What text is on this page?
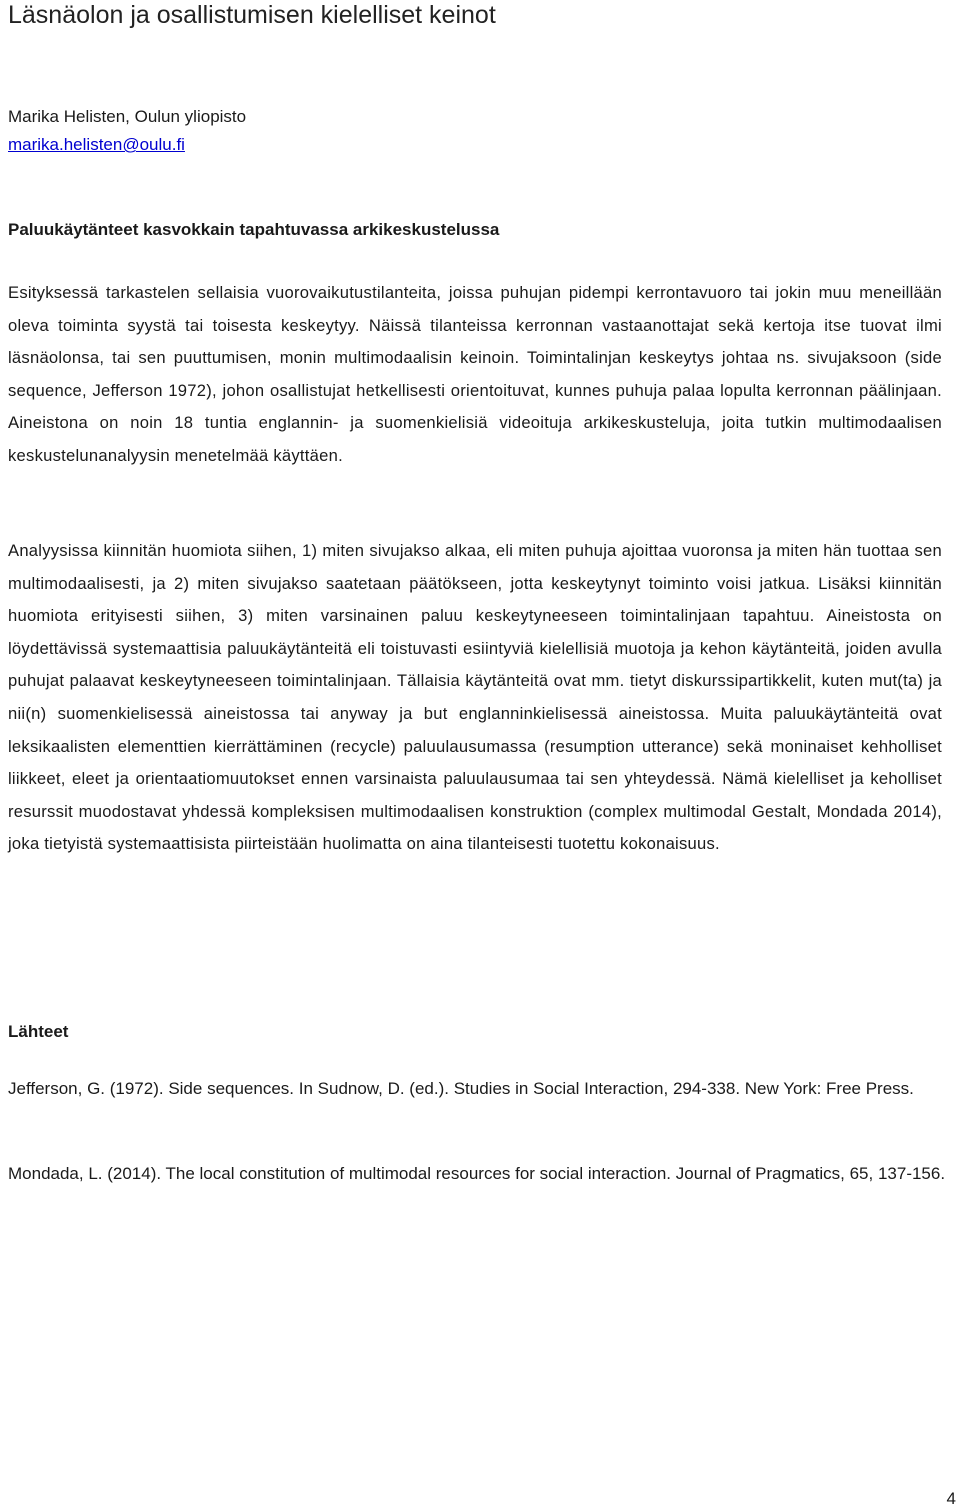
Läsnäolon ja osallistumisen kielelliset keinot
Marika Helisten, Oulun yliopisto
marika.helisten@oulu.fi
Paluukäytänteet kasvokkain tapahtuvassa arkikeskustelussa

Esityksessä tarkastelen sellaisia vuorovaikutustilanteita, joissa puhujan pidempi kerrontavuoro tai jokin muu meneillään oleva toiminta syystä tai toisesta keskeytyy. Näissä tilanteissa kerronnan vastaanottajat sekä kertoja itse tuovat ilmi läsnäolonsa, tai sen puuttumisen, monin multimodaalisin keinoin. Toimintalinjan keskeytys johtaa ns. sivujaksoon (side sequence, Jefferson 1972), johon osallistujat hetkellisesti orientoituvat, kunnes puhuja palaa lopulta kerronnan päälinjaan. Aineistona on noin 18 tuntia englannin- ja suomenkielisiä videoituja arkikeskusteluja, joita tutkin multimodaalisen keskustelunanalyysin menetelmää käyttäen.

Analyysissa kiinnitän huomiota siihen, 1) miten sivujakso alkaa, eli miten puhuja ajoittaa vuoronsa ja miten hän tuottaa sen multimodaalisesti, ja 2) miten sivujakso saatetaan päätökseen, jotta keskeytynyt toiminto voisi jatkua. Lisäksi kiinnitän huomiota erityisesti siihen, 3) miten varsinainen paluu keskeytyneeseen toimintalinjaan tapahtuu. Aineistosta on löydettävissä systemaattisia paluukäytänteitä eli toistuvasti esiintyviä kielellisiä muotoja ja kehon käytänteitä, joiden avulla puhujat palaavat keskeytyneeseen toimintalinjaan. Tällaisia käytänteitä ovat mm. tietyt diskurssipartikkelit, kuten mut(ta) ja nii(n) suomenkielisessä aineistossa tai anyway ja but englanninkielisessä aineistossa. Muita paluukäytänteitä ovat leksikaalisten elementtien kierrättäminen (recycle) paluulausumassa (resumption utterance) sekä moninaiset kehholliset liikkeet, eleet ja orientaatiomuutokset ennen varsinaista paluulausumaa tai sen yhteydessä. Nämä kielelliset ja keholliset resurssit muodostavat yhdessä kompleksisen multimodaalisen konstruktion (complex multimodal Gestalt, Mondada 2014), joka tietyistä systemaattisista piirteistään huolimatta on aina tilanteisesti tuotettu kokonaisuus.

Lähteet

Jefferson, G. (1972). Side sequences. In Sudnow, D. (ed.). Studies in Social Interaction, 294-338. New York: Free Press.

Mondada, L. (2014). The local constitution of multimodal resources for social interaction. Journal of Pragmatics, 65, 137-156.

4
